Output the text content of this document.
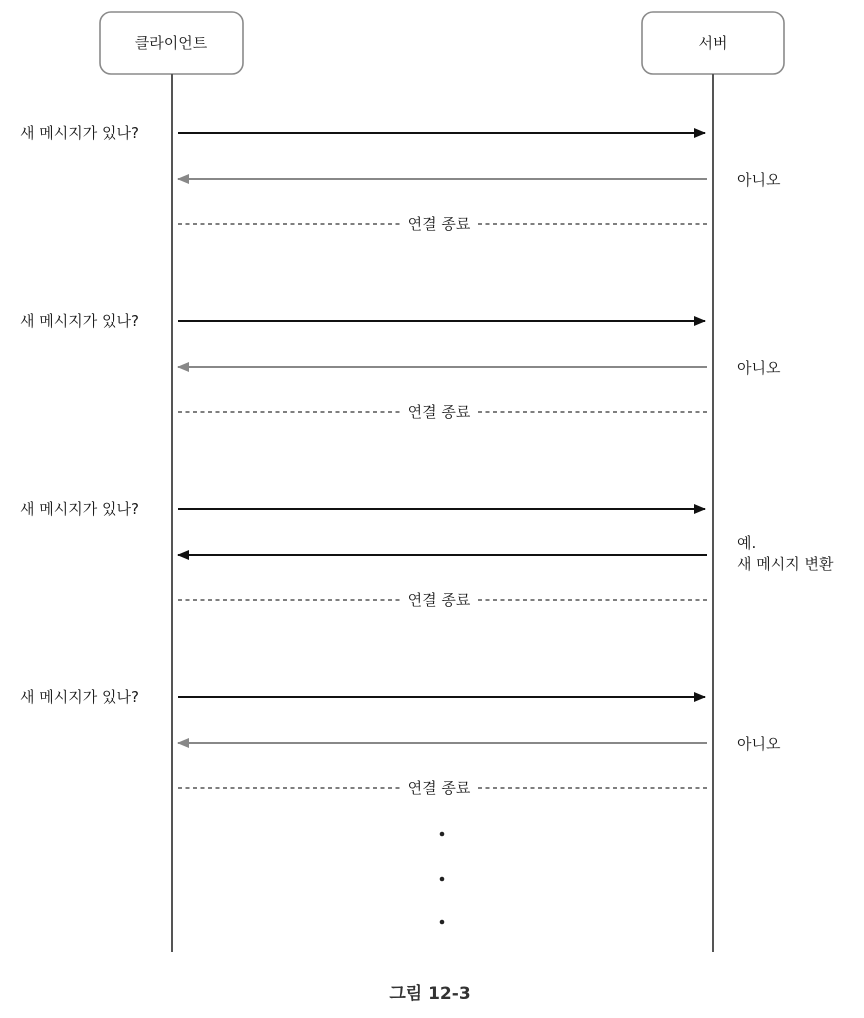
클라이언트	서버
새 메시지가 있나?
아니오
연결 종료
새 메시지가 있나?
아니오
연결 종료
새 메시지가 있나?
예.
새 메시지 변환
연결 종료
새 메시지가 있나?
아니오
연결 종료
그림 12-3
